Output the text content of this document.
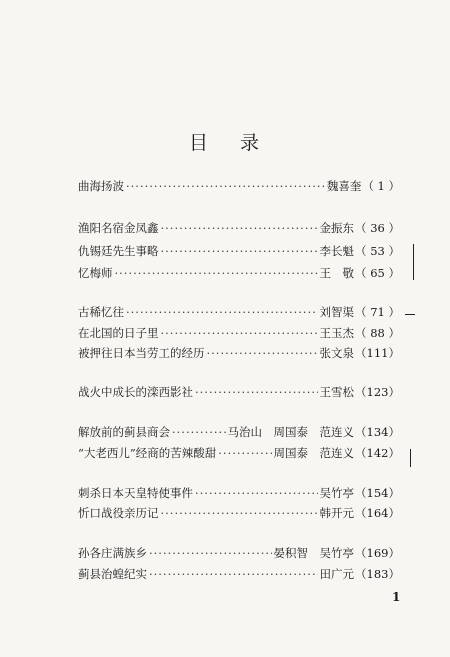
目 录
曲海扬波 ·····	魏喜奎 （ 1 ）
渔阳名宿金凤鑫 ·····	金振东 （ 36 ）
仇锡廷先生事略 ·····	李长魁 （ 53 ）
忆梅师 ·····	王　敬 （ 65 ）
古稀忆往 ·····	刘智渠 （ 71 ）
在北国的日子里 ·····	王玉杰 （ 88 ）
被押往日本当劳工的经历 ·····	张文泉 （111）
战火中成长的滦西影社 ·····	王雪松 （123）
解放前的蓟县商会 ·····	马治山　周国泰　范连义 （134）
“大老西儿”经商的苦辣酸甜 ·····	周国泰　范连义 （142）
刺杀日本天皇特使事件 ·····	吴竹亭 （154）
忻口战役亲历记 ·····	韩开元 （164）
孙各庄满族乡 ·····	晏积智　吴竹亭 （169）
蓟县治蝗纪实 ·····	田广元 （183）
1
